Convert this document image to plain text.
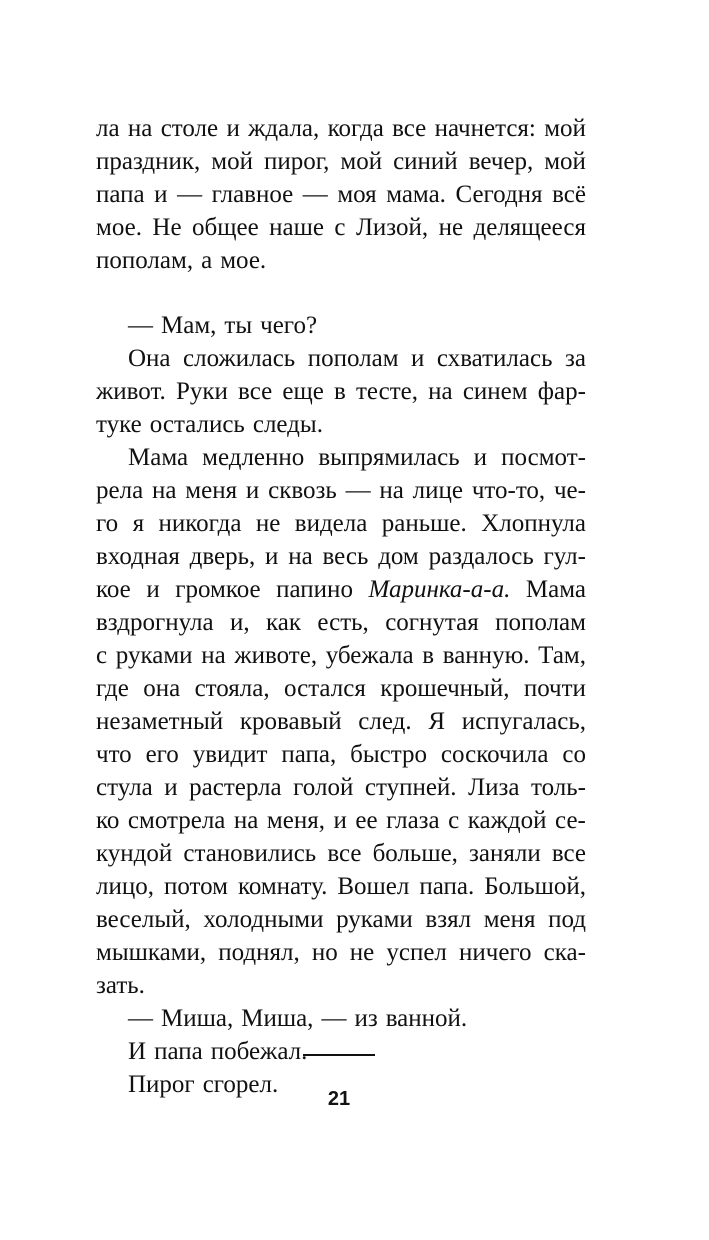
ла на столе и ждала, когда все начнется: мой
праздник, мой пирог, мой синий вечер, мой
папа и — главное — моя мама. Сегодня всё
мое. Не общее наше с Лизой, не делящееся
пополам, а мое.
— Мам, ты чего?
Она сложилась пополам и схватилась за
живот. Руки все еще в тесте, на синем фар-
туке остались следы.
Мама медленно выпрямилась и посмот-
рела на меня и сквозь — на лице что-то, че-
го я никогда не видела раньше. Хлопнула
входная дверь, и на весь дом раздалось гул-
кое и громкое папино Маринка-а-а. Мама
вздрогнула и, как есть, согнутая пополам
с руками на животе, убежала в ванную. Там,
где она стояла, остался крошечный, почти
незаметный кровавый след. Я испугалась,
что его увидит папа, быстро соскочила со
стула и растерла голой ступней. Лиза толь-
ко смотрела на меня, и ее глаза с каждой се-
кундой становились все больше, заняли все
лицо, потом комнату. Вошел папа. Большой,
веселый, холодными руками взял меня под
мышками, поднял, но не успел ничего ска-
зать.
— Миша, Миша, — из ванной.
И папа побежал.
Пирог сгорел.
21
